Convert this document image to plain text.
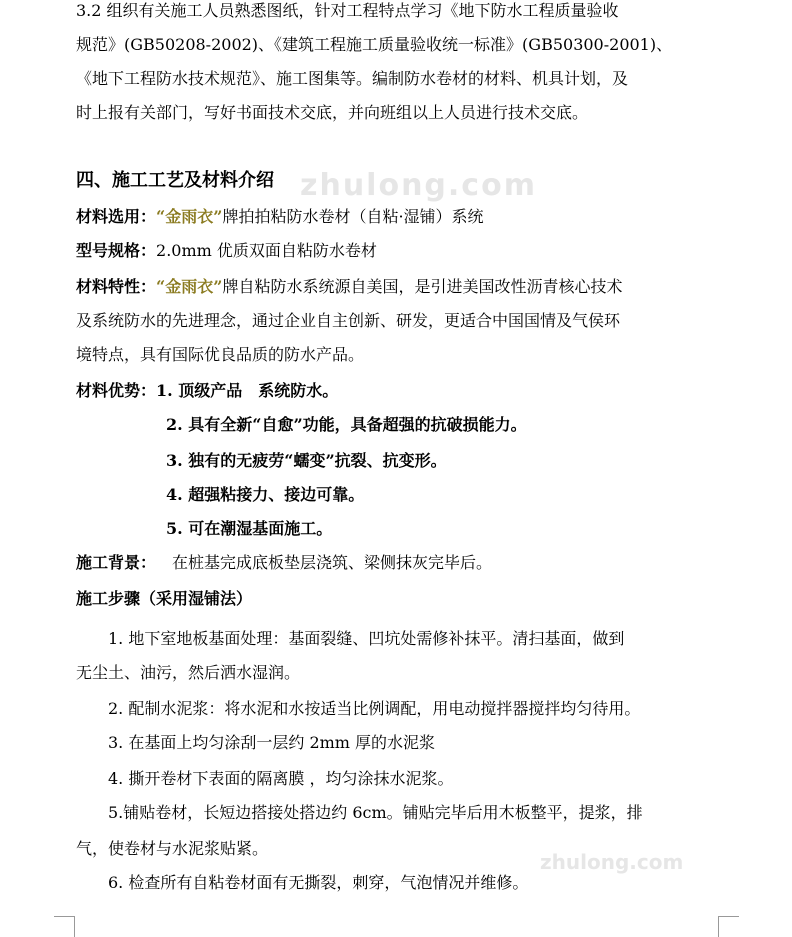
zhulong.com
zhulong.com
3.2 组织有关施工人员熟悉图纸，针对工程特点学习《地下防水工程质量验收
规范》(GB50208-2002)、《建筑工程施工质量验收统一标准》(GB50300-2001)、
《地下工程防水技术规范》、施工图集等。编制防水卷材的材料、机具计划，及
时上报有关部门，写好书面技术交底，并向班组以上人员进行技术交底。
四、施工工艺及材料介绍
材料选用：“金雨衣”牌拍拍粘防水卷材（自粘·湿铺）系统
型号规格：2.0mm 优质双面自粘防水卷材
材料特性：“金雨衣”牌自粘防水系统源自美国，是引进美国改性沥青核心技术
及系统防水的先进理念，通过企业自主创新、研发，更适合中国国情及气侯环
境特点，具有国际优良品质的防水产品。
材料优势：1. 顶级产品　系统防水。
2. 具有全新“自愈”功能，具备超强的抗破损能力。
3. 独有的无疲劳“蠕变”抗裂、抗变形。
4. 超强粘接力、接边可靠。
5. 可在潮湿基面施工。
施工背景： 在桩基完成底板垫层浇筑、梁侧抹灰完毕后。
施工步骤（采用湿铺法）
1. 地下室地板基面处理：基面裂缝、凹坑处需修补抹平。清扫基面，做到
无尘土、油污，然后洒水湿润。
2. 配制水泥浆：将水泥和水按适当比例调配，用电动搅拌器搅拌均匀待用。
3. 在基面上均匀涂刮一层约 2mm 厚的水泥浆
4. 撕开卷材下表面的隔离膜 ，均匀涂抹水泥浆。
5.铺贴卷材，长短边搭接处搭边约 6cm。铺贴完毕后用木板整平，提浆，排
气，使卷材与水泥浆贴紧。
6. 检查所有自粘卷材面有无撕裂，刺穿，气泡情况并维修。
